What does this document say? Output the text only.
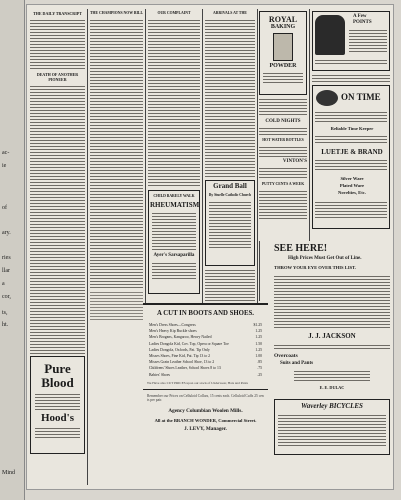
ac-
ie
of
ary.
ries
llar
a
cor,
ts,
ht.
Mind
THE DAILY TRANSCRIPT
DEATH OF ANOTHER PIONEER
Pure
Blood
Hood's
THE CHAMPIONS NOW BILL	OUR COMPLAINT
CHILD BARELY WALK
RHEUMATISM
Ayer's Sarsaparilla
ARRIVALS AT THE
Grand Ball
By Stuelle Catholic Church
ROYAL
BAKING
POWDER
COLD NIGHTS
HOT WATER BOTTLES
VINTON'S
PUTTY CENTS A WEEK
A Few
POINTS
ON TIME
Reliable Time Keeper
LUETJE & BRAND
Silver Ware
Plated Ware
Novelties, Etc.
SEE HERE!
High Prices Must Get Out of Line.
THROW YOUR EYE OVER THIS LIST.
J. J. JACKSON
Overcoats
Suits and Pants
E. E. DULAC
Waverley BICYCLES
A CUT IN BOOTS AND SHOES.
Men's Dress Shoes—Congress	$1.25
Men's Heavy Kip Buckle shoes	1.25
Men's Brogans, Kangaroo, Heavy Nailed	1.25
Ladies Dongola Kid, Cov. Top, Opera or Square Toe	1.50
Ladies Dongola, Oxfords, Pat. Tip Only	1.25
Misses Shoes, Fine Kid, Pat. Tip 13 to 2	1.00
Misses Grain Leather School Shoe, 13 to 2	.85
Childrens' Shoes Leather, School Shoes 8 to 13	.75
Babies' Shoes	.25
We Have also CUT PRICES upon our stock of Underwear, Hats and Pants
Remember our Prices on Celluloid Collars, 15 cents each. Celluloid Cuffs 25 cents per pair.
Agency Columbian Woolen Mills.
All at the BRANCH WONDER, Commercial Street.
J. LEVY, Manager.
